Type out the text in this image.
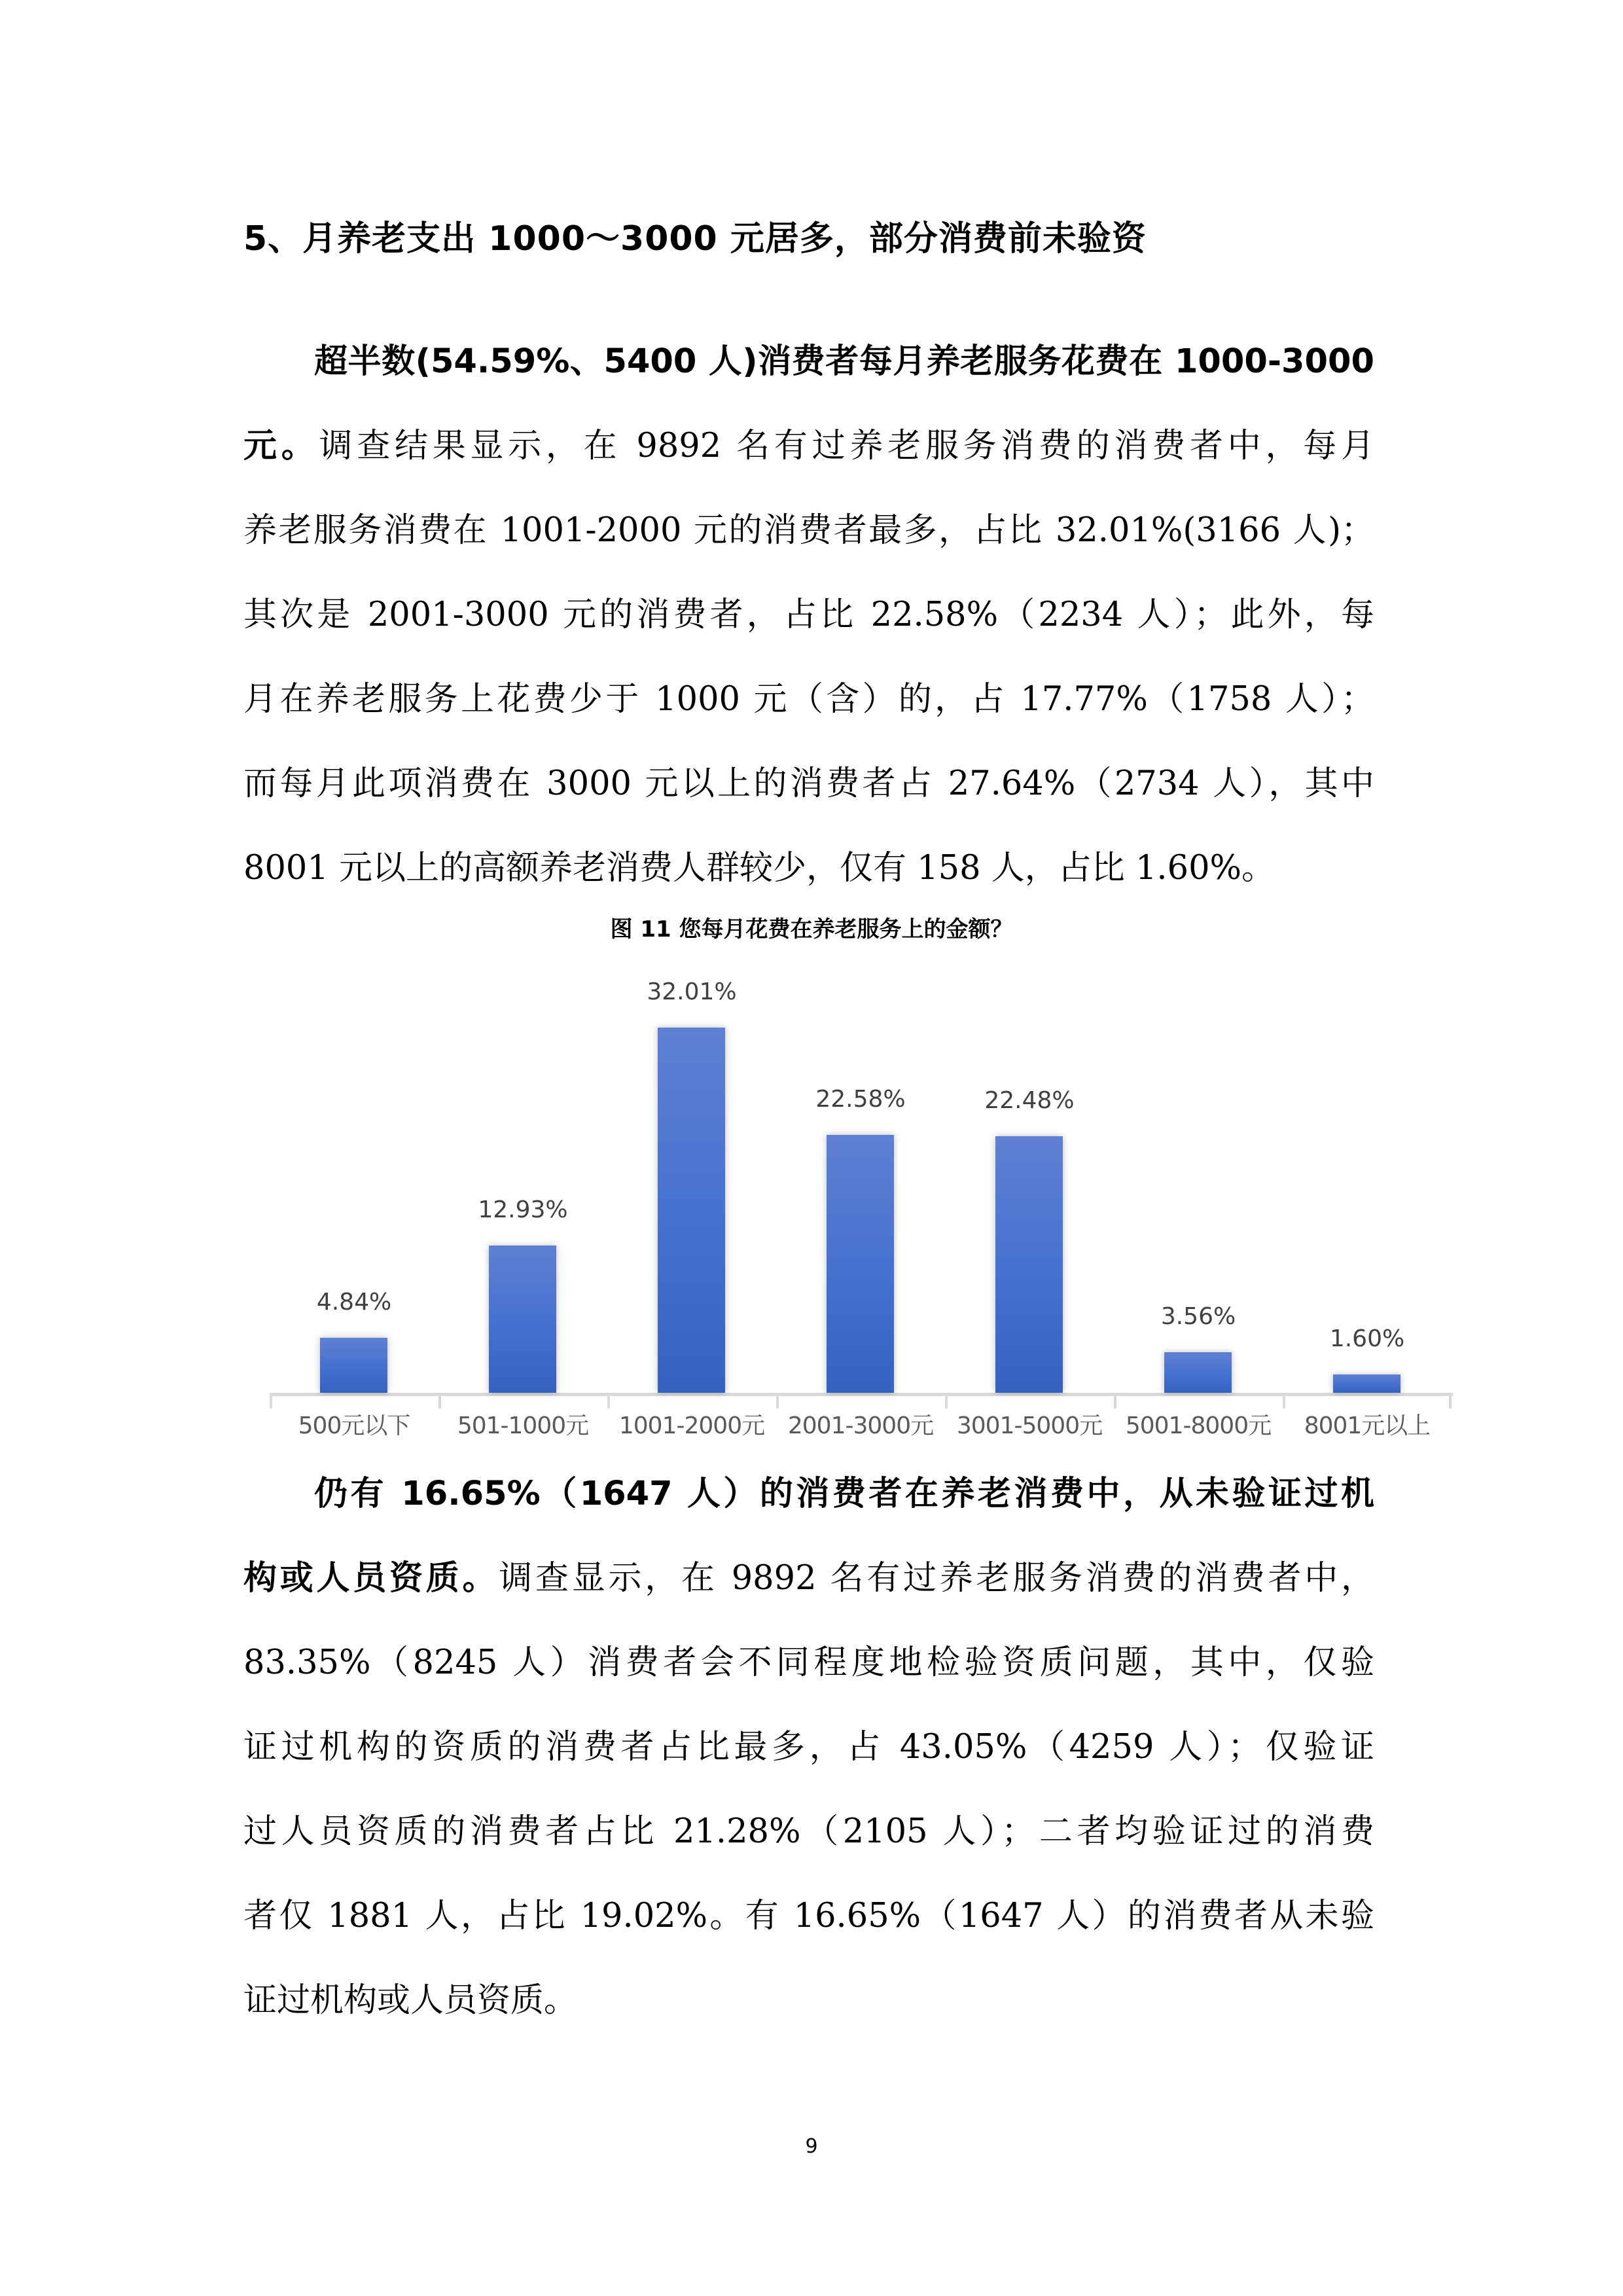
5、月养老支出 1000～3000 元居多，部分消费前未验资
超半数(54.59%、5400 人)消费者每月养老服务花费在 1000-3000
元。调查结果显示，在 9892 名有过养老服务消费的消费者中，每月
养老服务消费在 1001-2000 元的消费者最多，占比 32.01%(3166 人)；
其次是 2001-3000 元的消费者，占比 22.58%（2234 人）；此外，每
月在养老服务上花费少于 1000 元（含）的，占 17.77%（1758 人）；
而每月此项消费在 3000 元以上的消费者占 27.64%（2734 人），其中
8001 元以上的高额养老消费人群较少，仅有 158 人，占比 1.60%。
图 11 您每月花费在养老服务上的金额？
4.84%
500元以下
12.93%
501-1000元
32.01%
1001-2000元
22.58%
2001-3000元
22.48%
3001-5000元
3.56%
5001-8000元
1.60%
8001元以上
仍有 16.65%（1647 人）的消费者在养老消费中，从未验证过机
构或人员资质。调查显示，在 9892 名有过养老服务消费的消费者中，
83.35%（8245 人）消费者会不同程度地检验资质问题，其中，仅验
证过机构的资质的消费者占比最多，占 43.05%（4259 人）；仅验证
过人员资质的消费者占比 21.28%（2105 人）；二者均验证过的消费
者仅 1881 人，占比 19.02%。有 16.65%（1647 人）的消费者从未验
证过机构或人员资质。
9
